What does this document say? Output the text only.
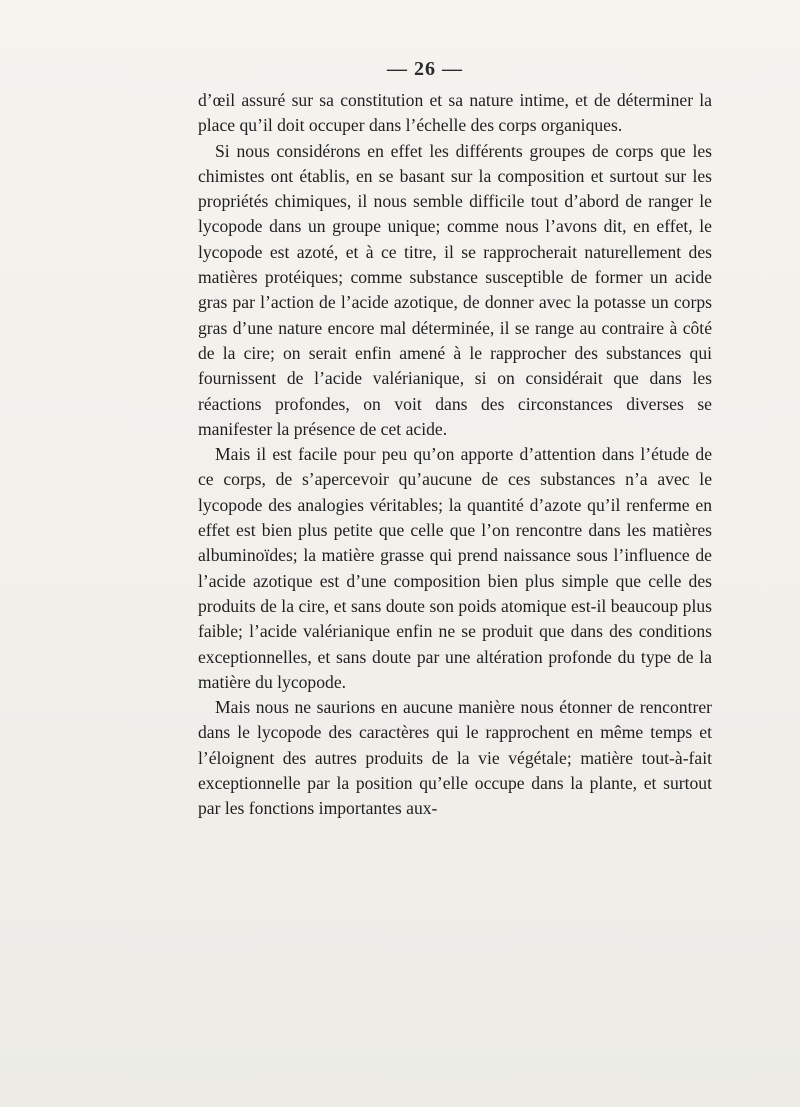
— 26 —

d’œil assuré sur sa constitution et sa nature intime, et de déterminer la place qu’il doit occuper dans l’échelle des corps organiques.

Si nous considérons en effet les différents groupes de corps que les chimistes ont établis, en se basant sur la composition et surtout sur les propriétés chimiques, il nous semble difficile tout d’abord de ranger le lycopode dans un groupe unique; comme nous l’avons dit, en effet, le lycopode est azoté, et à ce titre, il se rapprocherait naturellement des matières protéiques; comme substance susceptible de former un acide gras par l’action de l’acide azotique, de donner avec la potasse un corps gras d’une nature encore mal déterminée, il se range au contraire à côté de la cire; on serait enfin amené à le rapprocher des substances qui fournissent de l’acide valérianique, si on considérait que dans les réactions profondes, on voit dans des circonstances diverses se manifester la présence de cet acide.

Mais il est facile pour peu qu’on apporte d’attention dans l’étude de ce corps, de s’apercevoir qu’aucune de ces substances n’a avec le lycopode des analogies véritables; la quantité d’azote qu’il renferme en effet est bien plus petite que celle que l’on rencontre dans les matières albuminoïdes; la matière grasse qui prend naissance sous l’influence de l’acide azotique est d’une composition bien plus simple que celle des produits de la cire, et sans doute son poids atomique est-il beaucoup plus faible; l’acide valérianique enfin ne se produit que dans des conditions exceptionnelles, et sans doute par une altération profonde du type de la matière du lycopode.

Mais nous ne saurions en aucune manière nous étonner de rencontrer dans le lycopode des caractères qui le rapprochent en même temps et l’éloignent des autres produits de la vie végétale; matière tout-à-fait exceptionnelle par la position qu’elle occupe dans la plante, et surtout par les fonctions importantes aux-
